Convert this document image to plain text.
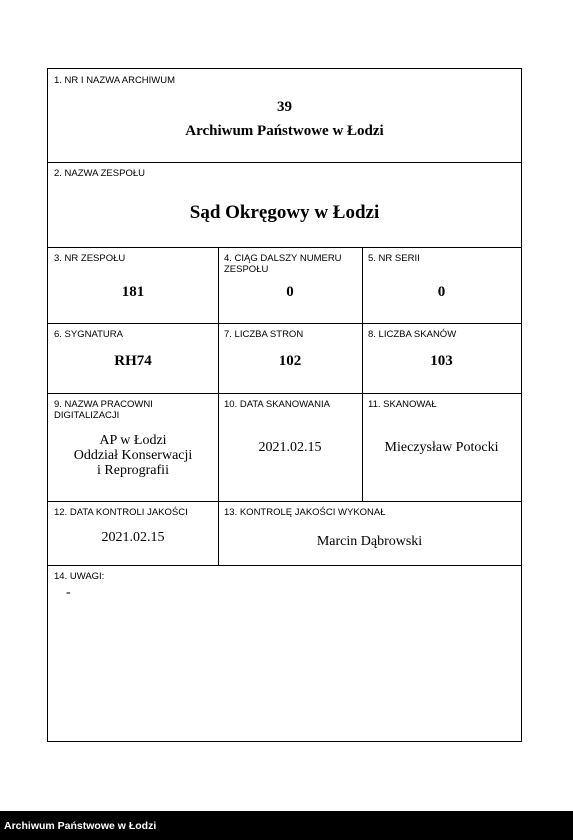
1. NR I NAZWA ARCHIWUM
39
Archiwum Państwowe w Łodzi
2. NAZWA ZESPOŁU
Sąd Okręgowy w Łodzi
3. NR ZESPOŁU
181
4. CIĄG DALSZY NUMERU ZESPOŁU
0
5. NR SERII
0
6. SYGNATURA
RH74
7. LICZBA STRON
102
8. LICZBA SKANÓW
103
9. NAZWA PRACOWNI DIGITALIZACJI
AP w Łodzi
Oddział Konserwacji
i Reprografii
10. DATA SKANOWANIA
2021.02.15
11. SKANOWAŁ
Mieczysław Potocki
12. DATA KONTROLI JAKOŚCI
2021.02.15
13. KONTROLĘ JAKOŚCI WYKONAŁ
Marcin Dąbrowski
14. UWAGI:
-
Archiwum Państwowe w Łodzi
